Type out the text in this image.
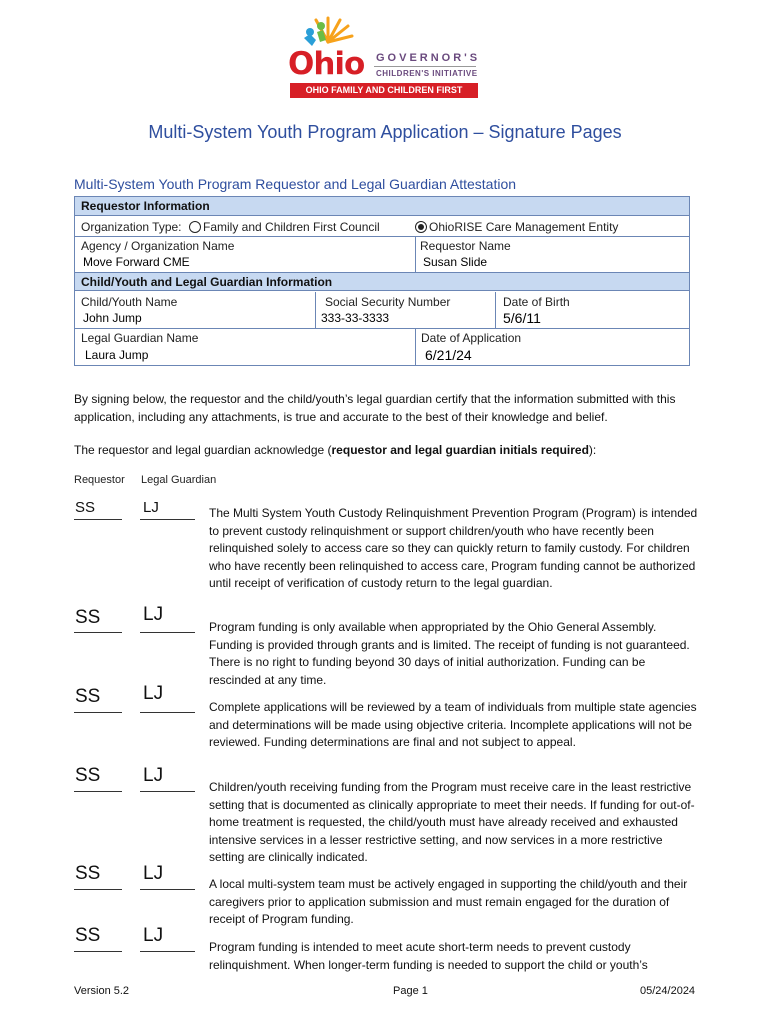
Ohio GOVERNOR'S
CHILDREN'S INITIATIVE
OHIO FAMILY AND CHILDREN FIRST
Multi-System Youth Program Application – Signature Pages
Multi-System Youth Program Requestor and Legal Guardian Attestation
Requestor Information
Organization Type:	Family and Children First Council	OhioRISE Care Management Entity
Agency / Organization Name
Move Forward CME
Requestor Name
Susan Slide
Child/Youth and Legal Guardian Information
Child/Youth Name
John Jump
Social Security Number
333-33-3333
Date of Birth
5/6/11
Legal Guardian Name
Laura Jump
Date of Application
6/21/24
By signing below, the requestor and the child/youth’s legal guardian certify that the information submitted with this application, including any attachments, is true and accurate to the best of their knowledge and belief.
The requestor and legal guardian acknowledge (requestor and legal guardian initials required):
Requestor Legal Guardian
SS	LJ
SS LJ
SS LJ
SS LJ
SS LJ
SS LJ
The Multi System Youth Custody Relinquishment Prevention Program (Program) is intended to prevent custody relinquishment or support children/youth who have recently been relinquished solely to access care so they can quickly return to family custody. For children who have recently been relinquished to access care, Program funding cannot be authorized until receipt of verification of custody return to the legal guardian.
Program funding is only available when appropriated by the Ohio General Assembly. Funding is provided through grants and is limited. The receipt of funding is not guaranteed. There is no right to funding beyond 30 days of initial authorization. Funding can be rescinded at any time.
Complete applications will be reviewed by a team of individuals from multiple state agencies and determinations will be made using objective criteria. Incomplete applications will not be reviewed. Funding determinations are final and not subject to appeal.
Children/youth receiving funding from the Program must receive care in the least restrictive setting that is documented as clinically appropriate to meet their needs. If funding for out-of-home treatment is requested, the child/youth must have already received and exhausted intensive services in a lesser restrictive setting, and now services in a more restrictive setting are clinically indicated.
A local multi-system team must be actively engaged in supporting the child/youth and their caregivers prior to application submission and must remain engaged for the duration of receipt of Program funding.
Program funding is intended to meet acute short-term needs to prevent custody relinquishment. When longer-term funding is needed to support the child or youth’s
Version 5.2	Page 1	05/24/2024
